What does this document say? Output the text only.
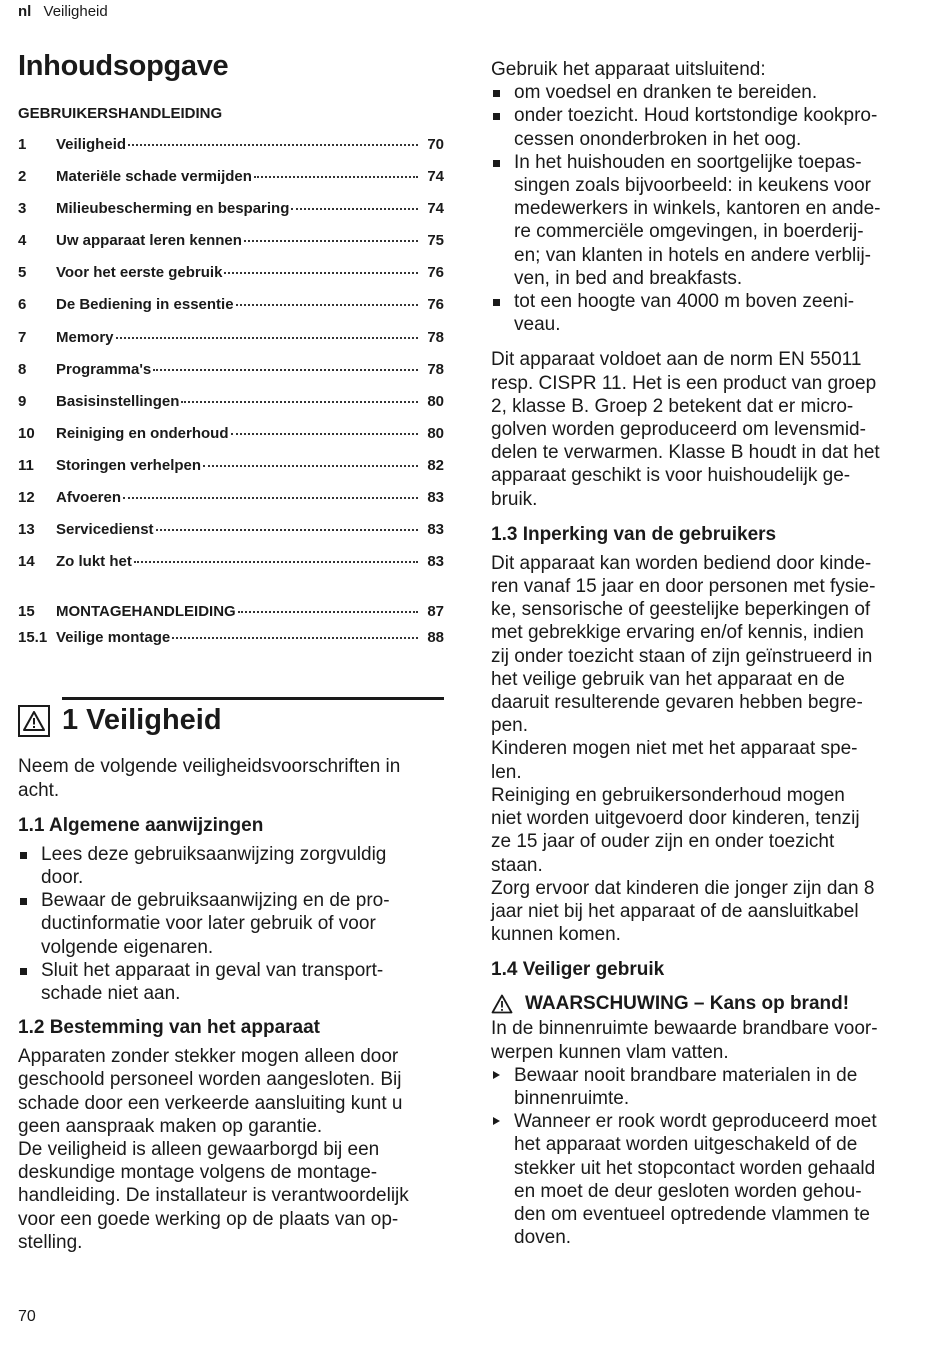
nl Veiligheid
Inhoudsopgave
GEBRUIKERSHANDLEIDING
1	Veiligheid	70
2	Materiële schade vermijden	74
3	Milieubescherming en besparing	74
4	Uw apparaat leren kennen	75
5	Voor het eerste gebruik	76
6	De Bediening in essentie	76
7	Memory	78
8	Programma's	78
9	Basisinstellingen	80
10	Reiniging en onderhoud	80
11	Storingen verhelpen	82
12	Afvoeren	83
13	Servicedienst	83
14	Zo lukt het	83
15	MONTAGEHANDLEIDING	87
15.1 Veilige montage	88
1 Veiligheid

Neem de volgende veiligheidsvoorschriften in

acht.

1.1 Algemene aanwijzingen
Lees deze gebruiksaanwijzing zorgvuldig
door.
Bewaar de gebruiksaanwijzing en de pro-
ductinformatie voor later gebruik of voor
volgende eigenaren.
Sluit het apparaat in geval van transport-
schade niet aan.
1.2 Bestemming van het apparaat

Apparaten zonder stekker mogen alleen door

geschoold personeel worden aangesloten. Bij

schade door een verkeerde aansluiting kunt u

geen aanspraak maken op garantie.

De veiligheid is alleen gewaarborgd bij een

deskundige montage volgens de montage-

handleiding. De installateur is verantwoordelijk

voor een goede werking op de plaats van op-

stelling.

Gebruik het apparaat uitsluitend:

om voedsel en dranken te bereiden.
onder toezicht. Houd kortstondige kookpro-
cessen ononderbroken in het oog.
In het huishouden en soortgelijke toepas-
singen zoals bijvoorbeeld: in keukens voor
medewerkers in winkels, kantoren en ande-
re commerciële omgevingen, in boerderij-
en; van klanten in hotels en andere verblij-
ven, in bed and breakfasts.
tot een hoogte van 4000 m boven zeeni-
veau.

Dit apparaat voldoet aan de norm EN 55011

resp. CISPR 11. Het is een product van groep

2, klasse B. Groep 2 betekent dat er micro-

golven worden geproduceerd om levensmid-

delen te verwarmen. Klasse B houdt in dat het

apparaat geschikt is voor huishoudelijk ge-

bruik.

1.3 Inperking van de gebruikers

Dit apparaat kan worden bediend door kinde-

ren vanaf 15 jaar en door personen met fysie-

ke, sensorische of geestelijke beperkingen of

met gebrekkige ervaring en/of kennis, indien

zij onder toezicht staan of zijn geïnstrueerd in

het veilige gebruik van het apparaat en de

daaruit resulterende gevaren hebben begre-

pen.

Kinderen mogen niet met het apparaat spe-

len.

Reiniging en gebruikersonderhoud mogen

niet worden uitgevoerd door kinderen, tenzij

ze 15 jaar of ouder zijn en onder toezicht

staan.

Zorg ervoor dat kinderen die jonger zijn dan 8

jaar niet bij het apparaat of de aansluitkabel

kunnen komen.

1.4 Veiliger gebruik
WAARSCHUWING – Kans op brand!

In de binnenruimte bewaarde brandbare voor-

werpen kunnen vlam vatten.

Bewaar nooit brandbare materialen in de
binnenruimte.
Wanneer er rook wordt geproduceerd moet
het apparaat worden uitgeschakeld of de
stekker uit het stopcontact worden gehaald
en moet de deur gesloten worden gehou-
den om eventueel optredende vlammen te
doven.
70
